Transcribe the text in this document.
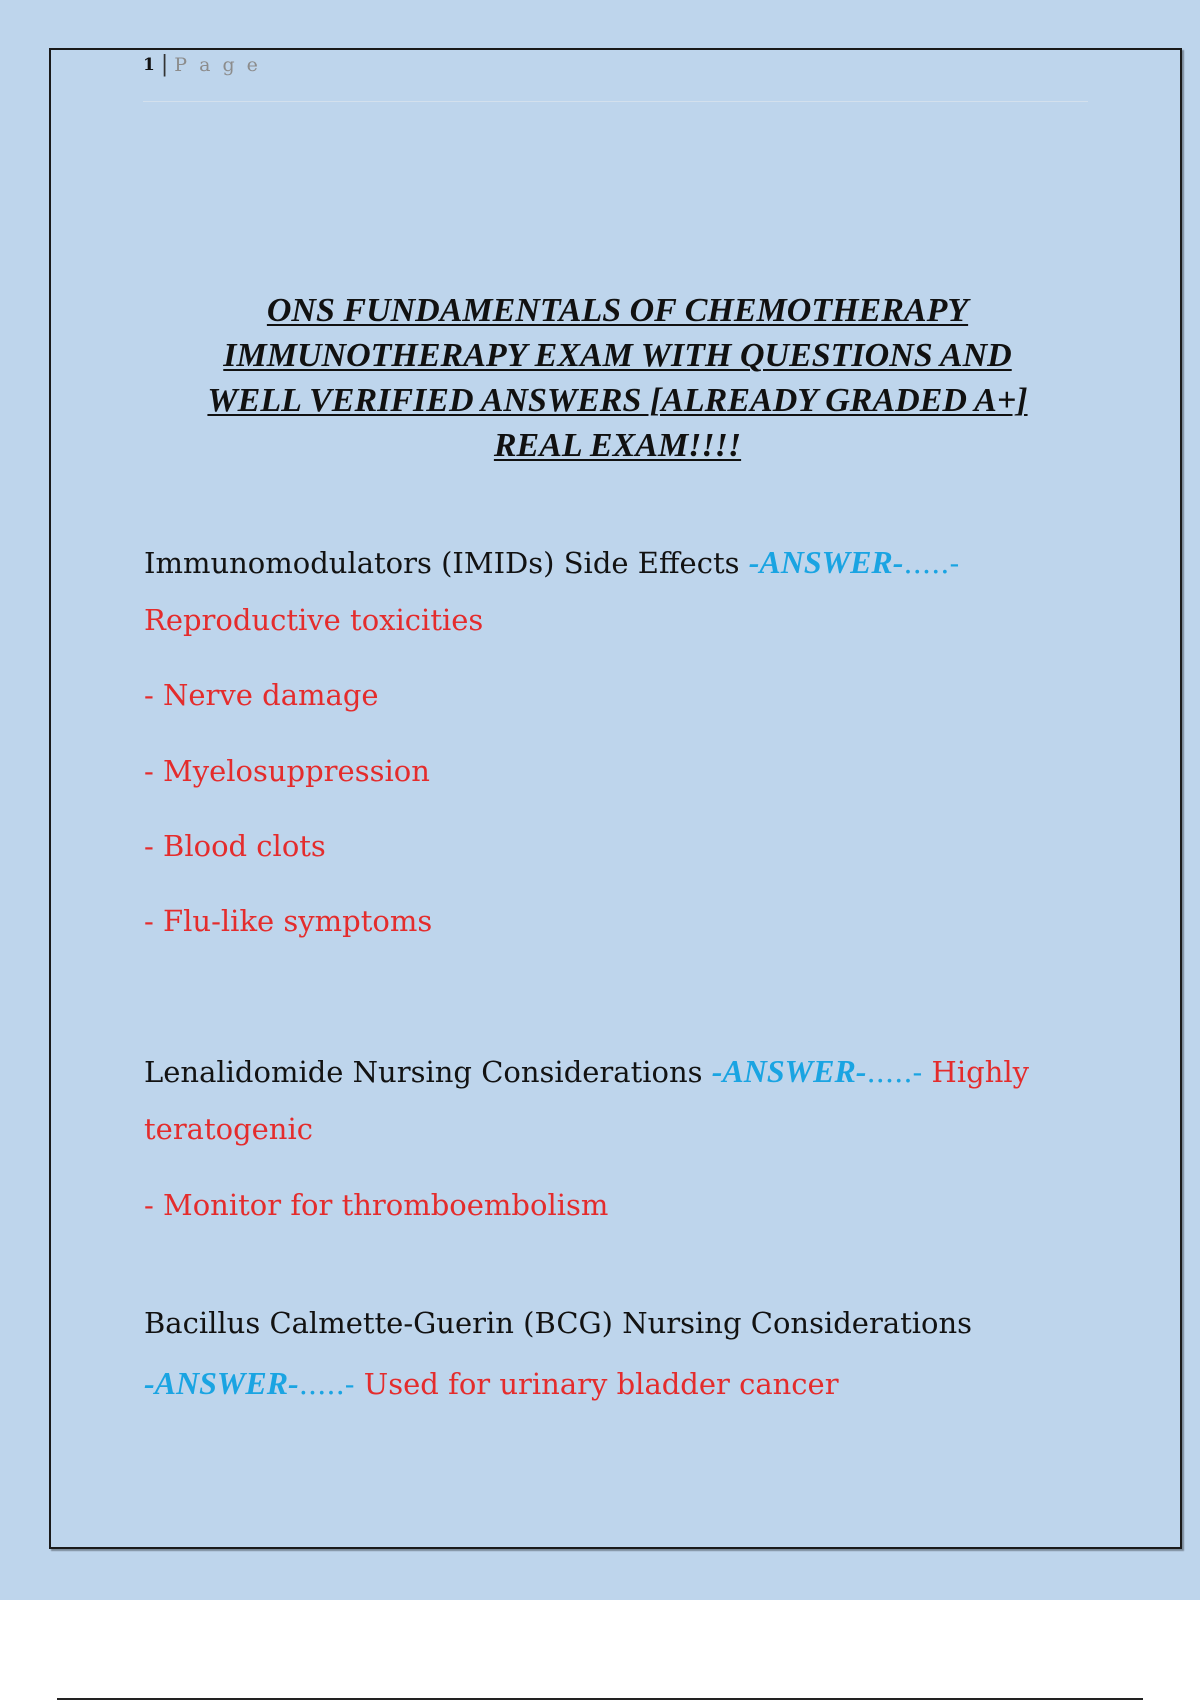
1 | P a g e
ONS FUNDAMENTALS OF CHEMOTHERAPY
IMMUNOTHERAPY EXAM WITH QUESTIONS AND
WELL VERIFIED ANSWERS [ALREADY GRADED A+]
REAL EXAM!!!!

Immunomodulators (IMIDs) Side Effects -ANSWER-.....-

Reproductive toxicities

- Nerve damage

- Myelosuppression

- Blood clots

- Flu-like symptoms

Lenalidomide Nursing Considerations -ANSWER-.....- Highly

teratogenic

- Monitor for thromboembolism

Bacillus Calmette-Guerin (BCG) Nursing Considerations

-ANSWER-.....- Used for urinary bladder cancer
